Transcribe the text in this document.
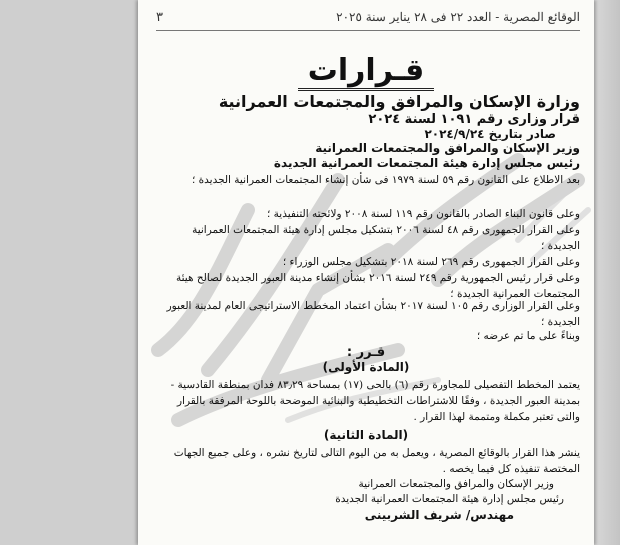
الوقائع المصرية - العدد ٢٢ فى ٢٨ يناير سنة ٢٠٢٥
٣
قـرارات
وزارة الإسكان والمرافق والمجتمعات العمرانية
قرار وزارى رقم ١٠٩١ لسنة ٢٠٢٤
صادر بتاريخ ٢٠٢٤/٩/٢٤
وزير الإسكان والمرافق والمجتمعات العمرانية
رئيس مجلس إدارة هيئة المجتمعات العمرانية الجديدة
بعد الاطلاع على القانون رقم ٥٩ لسنة ١٩٧٩ فى شأن إنشاء المجتمعات العمرانية الجديدة ؛
وعلى قانون البناء الصادر بالقانون رقم ١١٩ لسنة ٢٠٠٨ ولائحته التنفيذية ؛
وعلى القرار الجمهورى رقم ٤٨ لسنة ٢٠٠٦ بتشكيل مجلس إدارة هيئة المجتمعات العمرانية الجديدة ؛
وعلى القرار الجمهورى رقم ٢٦٩ لسنة ٢٠١٨ بتشكيل مجلس الوزراء ؛
وعلى قرار رئيس الجمهورية رقم ٢٤٩ لسنة ٢٠١٦ بشأن إنشاء مدينة العبور الجديدة لصالح هيئة المجتمعات العمرانية الجديدة ؛
وعلى القرار الوزارى رقم ١٠٥ لسنة ٢٠١٧ بشأن اعتماد المخطط الاستراتيجى العام لمدينة العبور الجديدة ؛
وبناءً على ما تم عرضه ؛
قـرر :
(المادة الأولى)
يعتمد المخطط التفصيلى للمجاورة رقم (٦) بالحى (١٧) بمساحة ٨٣٫٢٩ فدان بمنطقة القادسية - بمدينة العبور الجديدة ، وفقًا للاشتراطات التخطيطية والبنائية الموضحة باللوحة المرفقة بالقرار والتى تعتبر مكملة ومتممة لهذا القرار .
(المادة الثانية)
ينشر هذا القرار بالوقائع المصرية ، ويعمل به من اليوم التالى لتاريخ نشره ، وعلى جميع الجهات المختصة تنفيذه كل فيما يخصه .
وزير الإسكان والمرافق والمجتمعات العمرانية
رئيس مجلس إدارة هيئة المجتمعات العمرانية الجديدة
مهندس/ شريف الشربينى
